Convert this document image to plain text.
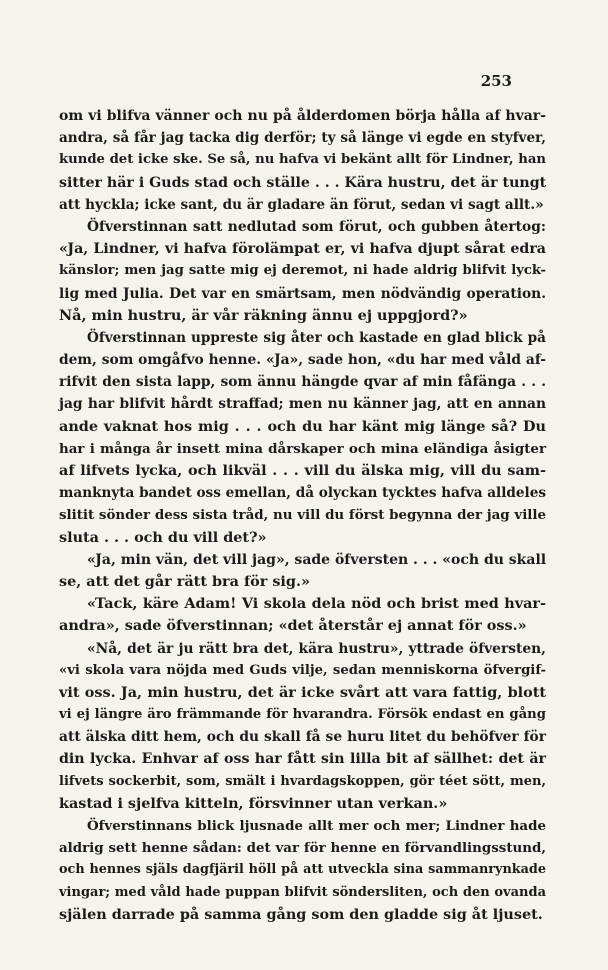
253
om vi blifva vänner och nu på ålderdomen börja hålla af hvar-
andra, så får jag tacka dig derför; ty så länge vi egde en styfver,
kunde det icke ske. Se så, nu hafva vi bekänt allt för Lindner, han
sitter här i Guds stad och ställe . . . Kära hustru, det är tungt
att hyckla; icke sant, du är gladare än förut, sedan vi sagt allt.»
Öfverstinnan satt nedlutad som förut, och gubben återtog:
«Ja, Lindner, vi hafva förolämpat er, vi hafva djupt sårat edra
känslor; men jag satte mig ej deremot, ni hade aldrig blifvit lyck-
lig med Julia. Det var en smärtsam, men nödvändig operation.
Nå, min hustru, är vår räkning ännu ej uppgjord?»
Öfverstinnan uppreste sig åter och kastade en glad blick på
dem, som omgåfvo henne. «Ja», sade hon, «du har med våld af-
rifvit den sista lapp, som ännu hängde qvar af min fåfänga . . .
jag har blifvit hårdt straffad; men nu känner jag, att en annan
ande vaknat hos mig . . . och du har känt mig länge så? Du
har i många år insett mina dårskaper och mina eländiga åsigter
af lifvets lycka, och likväl . . . vill du älska mig, vill du sam-
manknyta bandet oss emellan, då olyckan tycktes hafva alldeles
slitit sönder dess sista tråd, nu vill du först begynna der jag ville
sluta . . . och du vill det?»
«Ja, min vän, det vill jag», sade öfversten . . . «och du skall
se, att det går rätt bra för sig.»
«Tack, käre Adam! Vi skola dela nöd och brist med hvar-
andra», sade öfverstinnan; «det återstår ej annat för oss.»
«Nå, det är ju rätt bra det, kära hustru», yttrade öfversten,
«vi skola vara nöjda med Guds vilje, sedan menniskorna öfvergif-
vit oss. Ja, min hustru, det är icke svårt att vara fattig, blott
vi ej längre äro främmande för hvarandra. Försök endast en gång
att älska ditt hem, och du skall få se huru litet du behöfver för
din lycka. Enhvar af oss har fått sin lilla bit af sällhet: det är
lifvets sockerbit, som, smält i hvardagskoppen, gör téet sött, men,
kastad i sjelfva kitteln, försvinner utan verkan.»
Öfverstinnans blick ljusnade allt mer och mer; Lindner hade
aldrig sett henne sådan: det var för henne en förvandlingsstund,
och hennes själs dagfjäril höll på att utveckla sina sammanrynkade
vingar; med våld hade puppan blifvit söndersliten, och den ovanda
själen darrade på samma gång som den gladde sig åt ljuset.
